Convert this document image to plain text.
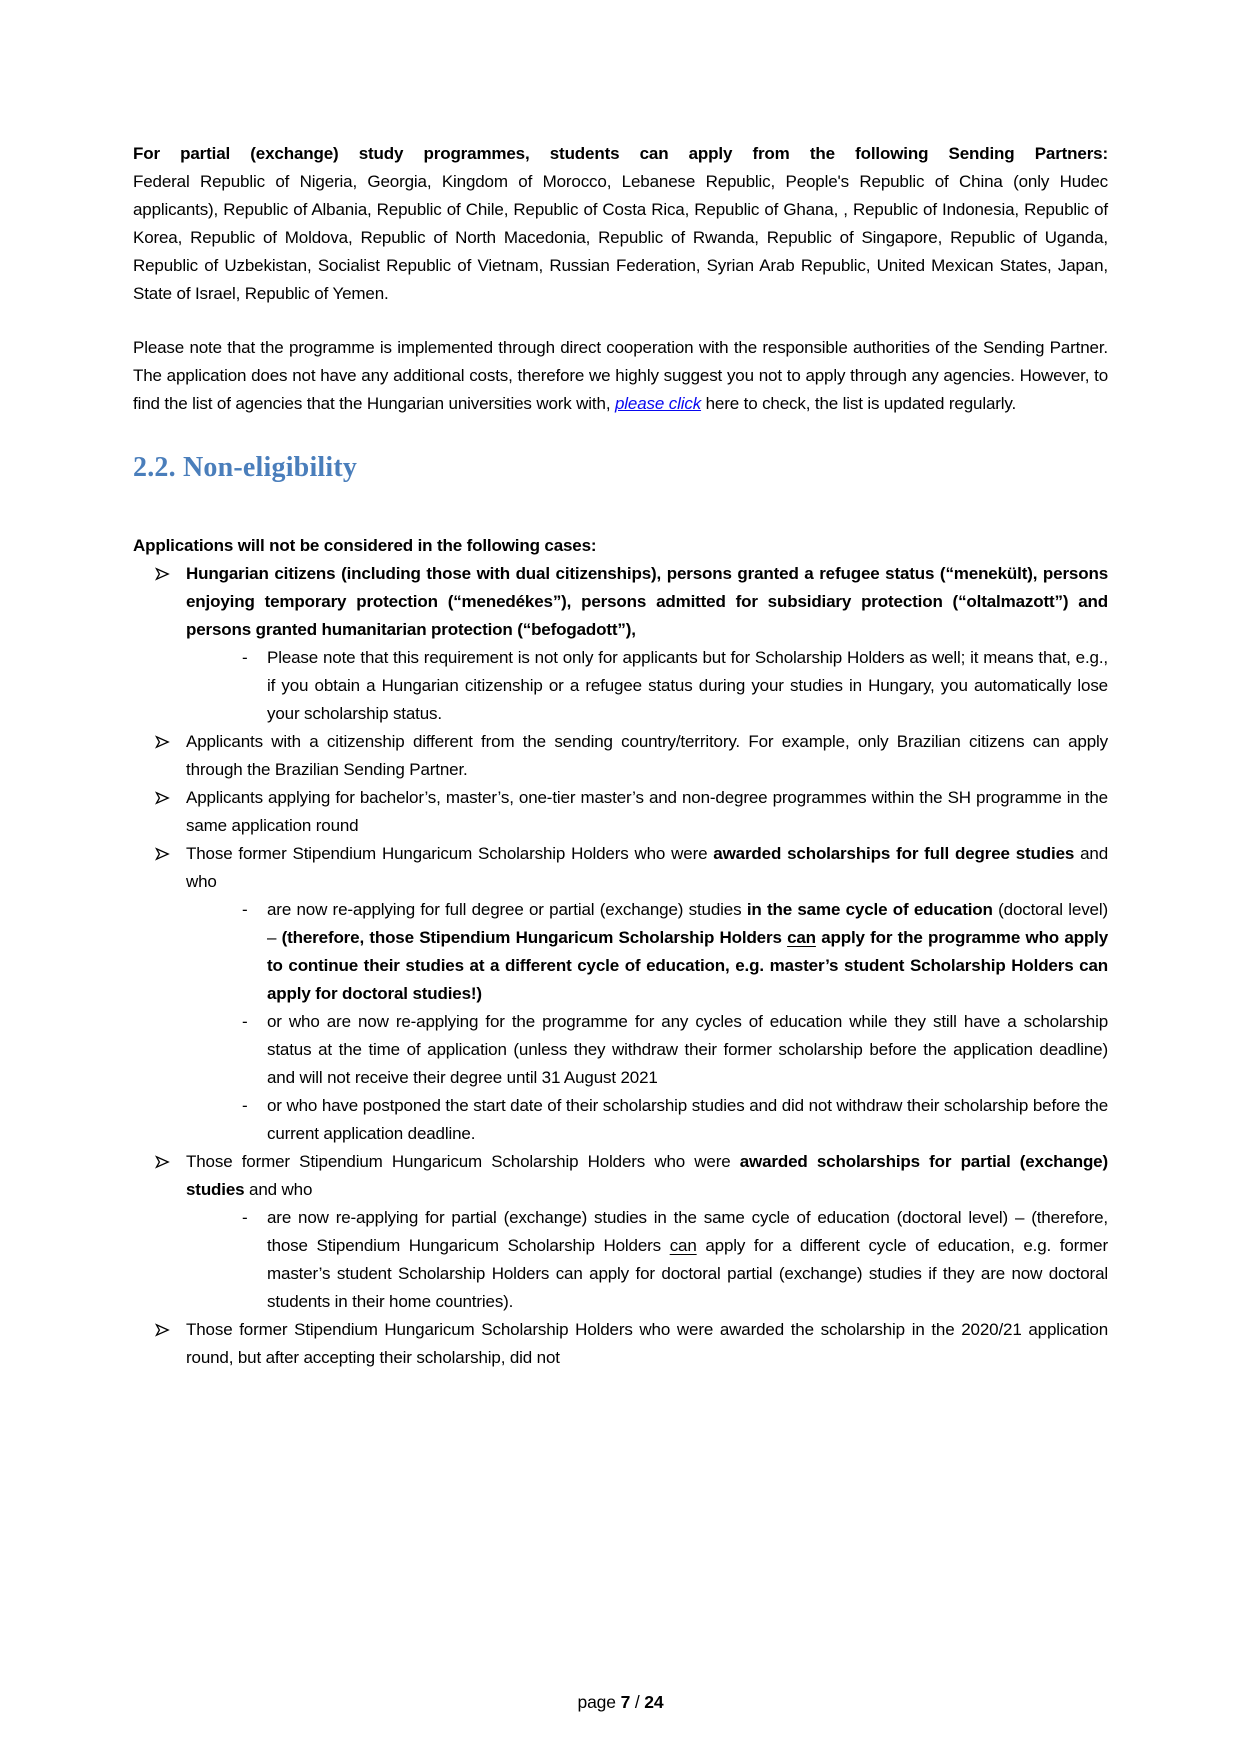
For partial (exchange) study programmes, students can apply from the following Sending Partners:
Federal Republic of Nigeria, Georgia, Kingdom of Morocco, Lebanese Republic, People's Republic of China (only Hudec applicants), Republic of Albania, Republic of Chile, Republic of Costa Rica, Republic of Ghana, , Republic of Indonesia, Republic of Korea, Republic of Moldova, Republic of North Macedonia, Republic of Rwanda, Republic of Singapore, Republic of Uganda, Republic of Uzbekistan, Socialist Republic of Vietnam, Russian Federation, Syrian Arab Republic, United Mexican States, Japan, State of Israel, Republic of Yemen.

Please note that the programme is implemented through direct cooperation with the responsible authorities of the Sending Partner. The application does not have any additional costs, therefore we highly suggest you not to apply through any agencies. However, to find the list of agencies that the Hungarian universities work with, please click here to check, the list is updated regularly.

2.2. Non-eligibility

Applications will not be considered in the following cases:

Hungarian citizens (including those with dual citizenships), persons granted a refugee status (“menekült), persons enjoying temporary protection (“menedékes”), persons admitted for subsidiary protection (“oltalmazott”) and persons granted humanitarian protection (“befogadott”),
-	Please note that this requirement is not only for applicants but for Scholarship Holders as well; it means that, e.g., if you obtain a Hungarian citizenship or a refugee status during your studies in Hungary, you automatically lose your scholarship status.
Applicants with a citizenship different from the sending country/territory. For example, only Brazilian citizens can apply through the Brazilian Sending Partner.
Applicants applying for bachelor’s, master’s, one-tier master’s and non-degree programmes within the SH programme in the same application round
Those former Stipendium Hungaricum Scholarship Holders who were awarded scholarships for full degree studies and who
-	are now re-applying for full degree or partial (exchange) studies in the same cycle of education (doctoral level) – (therefore, those Stipendium Hungaricum Scholarship Holders can apply for the programme who apply to continue their studies at a different cycle of education, e.g. master’s student Scholarship Holders can apply for doctoral studies!)
-	or who are now re-applying for the programme for any cycles of education while they still have a scholarship status at the time of application (unless they withdraw their former scholarship before the application deadline) and will not receive their degree until 31 August 2021
-	or who have postponed the start date of their scholarship studies and did not withdraw their scholarship before the current application deadline.
Those former Stipendium Hungaricum Scholarship Holders who were awarded scholarships for partial (exchange) studies and who
-	are now re-applying for partial (exchange) studies in the same cycle of education (doctoral level) – (therefore, those Stipendium Hungaricum Scholarship Holders can apply for a different cycle of education, e.g. former master’s student Scholarship Holders can apply for doctoral partial (exchange) studies if they are now doctoral students in their home countries).
Those former Stipendium Hungaricum Scholarship Holders who were awarded the scholarship in the 2020/21 application round, but after accepting their scholarship, did not
page 7 / 24
